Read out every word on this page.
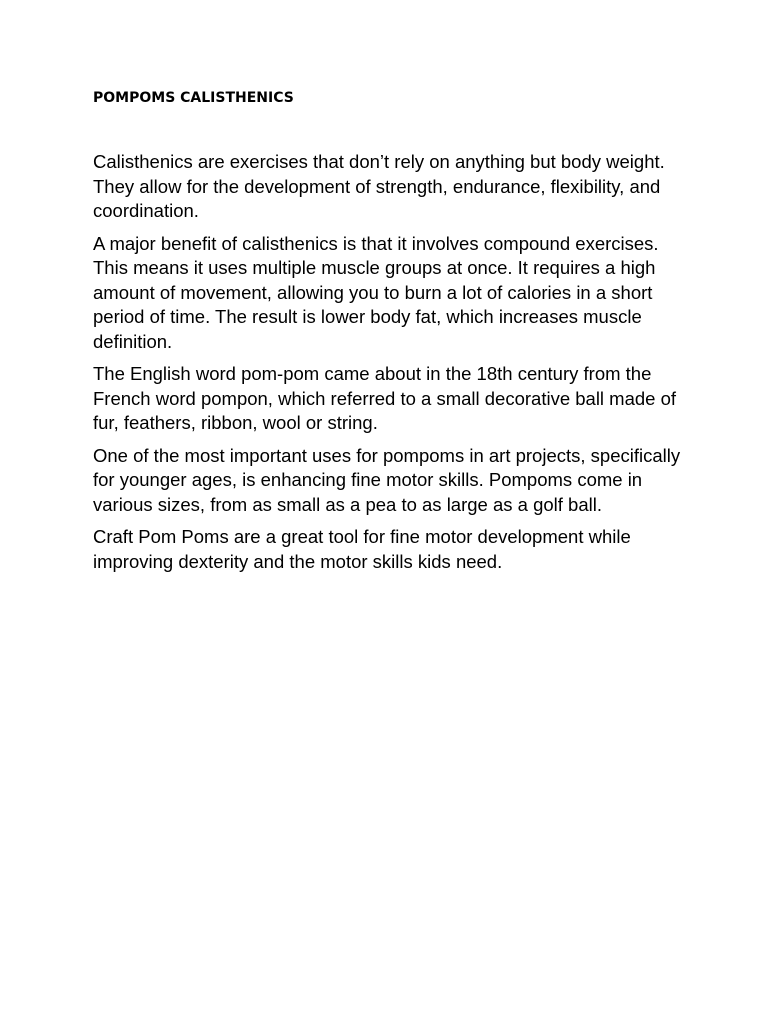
POMPOMS CALISTHENICS

Calisthenics are exercises that don’t rely on anything but body weight. They allow for the development of strength, endurance, flexibility, and coordination.

A major benefit of calisthenics is that it involves compound exercises. This means it uses multiple muscle groups at once. It requires a high amount of movement, allowing you to burn a lot of calories in a short period of time. The result is lower body fat, which increases muscle definition.

The English word pom-pom came about in the 18th century from the French word pompon, which referred to a small decorative ball made of fur, feathers, ribbon, wool or string.

One of the most important uses for pompoms in art projects, specifically for younger ages, is enhancing fine motor skills. Pompoms come in various sizes, from as small as a pea to as large as a golf ball.

Craft Pom Poms are a great tool for fine motor development while improving dexterity and the motor skills kids need.
